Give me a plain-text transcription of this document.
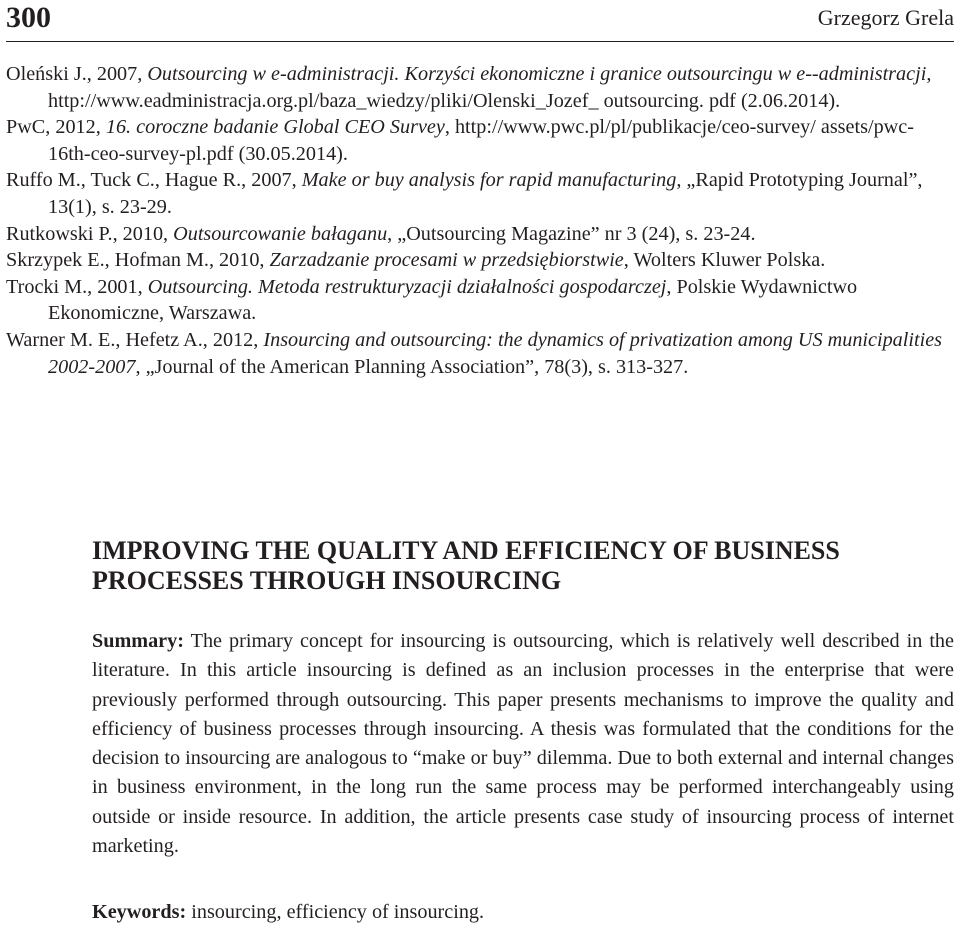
300	Grzegorz Grela
Oleński J., 2007, Outsourcing w e-administracji. Korzyści ekonomiczne i granice outsourcingu w e--administracji, http://www.eadministracja.org.pl/baza_wiedzy/pliki/Olenski_Jozef_ outsourcing. pdf (2.06.2014).
PwC, 2012, 16. coroczne badanie Global CEO Survey, http://www.pwc.pl/pl/publikacje/ceo-survey/ assets/pwc-16th-ceo-survey-pl.pdf (30.05.2014).
Ruffo M., Tuck C., Hague R., 2007, Make or buy analysis for rapid manufacturing, „Rapid Prototyping Journal”, 13(1), s. 23-29.
Rutkowski P., 2010, Outsourcowanie bałaganu, „Outsourcing Magazine” nr 3 (24), s. 23-24.
Skrzypek E., Hofman M., 2010, Zarzadzanie procesami w przedsiębiorstwie, Wolters Kluwer Polska.
Trocki M., 2001, Outsourcing. Metoda restrukturyzacji działalności gospodarczej, Polskie Wydawnictwo Ekonomiczne, Warszawa.
Warner M. E., Hefetz A., 2012, Insourcing and outsourcing: the dynamics of privatization among US municipalities 2002-2007, „Journal of the American Planning Association”, 78(3), s. 313-327.
IMPROVING THE QUALITY AND EFFICIENCY OF BUSINESS PROCESSES THROUGH INSOURCING
Summary: The primary concept for insourcing is outsourcing, which is relatively well described in the literature. In this article insourcing is defined as an inclusion processes in the enterprise that were previously performed through outsourcing. This paper presents mechanisms to improve the quality and efficiency of business processes through insourcing. A thesis was formulated that the conditions for the decision to insourcing are analogous to “make or buy” dilemma. Due to both external and internal changes in business environment, in the long run the same process may be performed interchangeably using outside or inside resource. In addition, the article presents case study of insourcing process of internet marketing.
Keywords: insourcing, efficiency of insourcing.
